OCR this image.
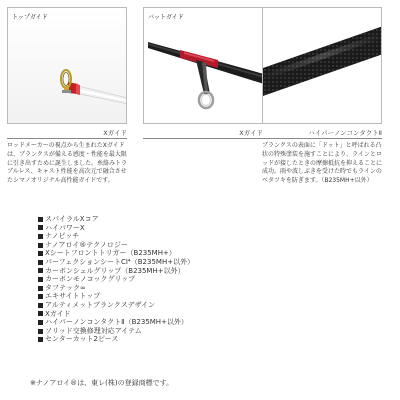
トップガイド
Xガイド
ロッドメーカーの視点から生まれたXガイドは、ブランクスが備える感度・性能を最大限に引き出すために誕生しました。糸絡みトラブルレス、キャスト性能を高次元で融合させたシマノオリジナル高性能ガイドです。
バットガイド
Xガイド	ハイパーノンコンタクトⅡ
ブランクスの表面に「ドット」と呼ばれる凸状の特殊塗装を施すことにより、ラインとロッドが接したときの摩擦抵抗を抑えることに成功。雨や波しぶきを受けた時でもラインのベタツキを防ぎます。（B235MH+以外）
スパイラルXコア
ハイパワーX
ナノピッチ
ナノアロイ®テクノロジー
Xシートフロントトリガー（B235MH+）
パーフェクションシートCI⁴（B235MH+以外）
カーボンシェルグリップ（B235MH+以外）
カーボンモノコックグリップ
タフテック∞
エキサイトトップ
アルティメットブランクスデザイン
Xガイド
ハイパーノンコンタクトⅡ（B235MH+以外）
ソリッド交換修理対応アイテム
センターカット2ピース
※ナノアロイ®は、東レ(株)の登録商標です。
